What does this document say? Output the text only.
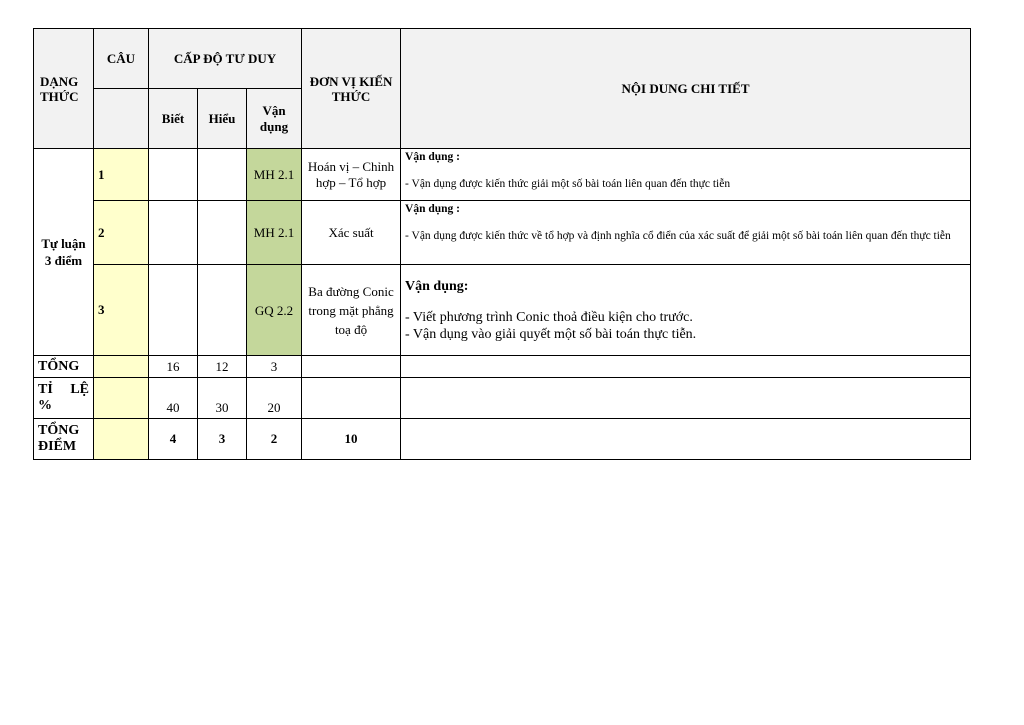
DẠNG THỨC	CÂU	CẤP ĐỘ TƯ DUY			ĐƠN VỊ KIẾN THỨC	NỘI DUNG CHI TIẾT
		Biết	Hiểu	Vận dụng		
Tự luận 3 điểm	1			MH 2.1	Hoán vị – Chỉnh hợp – Tổ hợp	Vận dụng :
- Vận dụng được kiến thức giải một số bài toán liên quan đến thực tiễn

	2			MH 2.1	Xác suất	Vận dụng :
- Vận dụng được kiến thức về tổ hợp và định nghĩa cổ điển của xác suất để giải một số bài toán liên quan đến thực tiễn

	3			GQ 2.2	Ba đường Conic trong mặt phẳng toạ độ	Vận dụng:
- Viết phương trình Conic thoả điều kiện cho trước.
- Vận dụng vào giải quyết một số bài toán thực tiễn.

TỔNG		16	12	3		
TỈ LỆ %		40	30	20		
TỔNG ĐIỂM		4	3	2	10	
